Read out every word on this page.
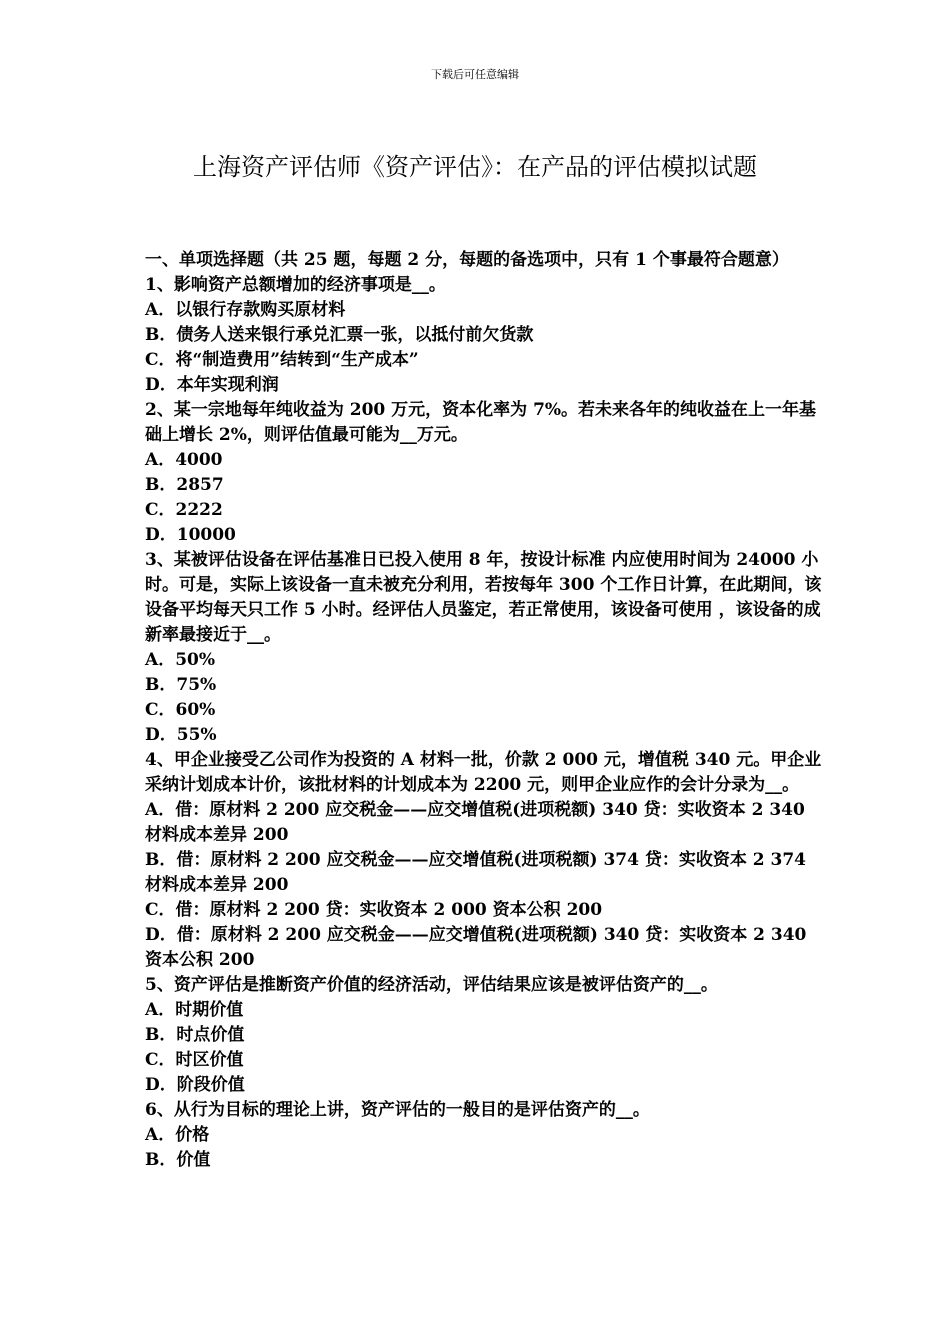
下载后可任意编辑
上海资产评估师《资产评估》：在产品的评估模拟试题

一、单项选择题（共 25 题，每题 2 分，每题的备选项中，只有 1 个事最符合题意）

1、影响资产总额增加的经济事项是__。

A．以银行存款购买原材料

B．债务人送来银行承兑汇票一张，以抵付前欠货款

C．将“制造费用”结转到“生产成本”

D．本年实现利润

2、某一宗地每年纯收益为 200 万元，资本化率为 7%。若未来各年的纯收益在上一年基础上增长 2%，则评估值最可能为__万元。

A．4000

B．2857

C．2222

D．10000

3、某被评估设备在评估基准日已投入使用 8 年，按设计标准 内应使用时间为 24000 小时。可是，实际上该设备一直未被充分利用，若按每年 300 个工作日计算，在此期间，该设备平均每天只工作 5 小时。经评估人员鉴定，若正常使用，该设备可使用 ，该设备的成新率最接近于__。

A．50%

B．75%

C．60%

D．55%

4、甲企业接受乙公司作为投资的 A 材料一批，价款 2 000 元，增值税 340 元。甲企业采纳计划成本计价，该批材料的计划成本为 2200 元，则甲企业应作的会计分录为__。

A．借：原材料 2 200 应交税金——应交增值税(进项税额) 340 贷：实收资本 2 340 材料成本差异 200

B．借：原材料 2 200 应交税金——应交增值税(进项税额) 374 贷：实收资本 2 374 材料成本差异 200

C．借：原材料 2 200 贷：实收资本 2 000 资本公积 200

D．借：原材料 2 200 应交税金——应交增值税(进项税额) 340 贷：实收资本 2 340 资本公积 200

5、资产评估是推断资产价值的经济活动，评估结果应该是被评估资产的__。

A．时期价值

B．时点价值

C．时区价值

D．阶段价值

6、从行为目标的理论上讲，资产评估的一般目的是评估资产的__。

A．价格

B．价值
